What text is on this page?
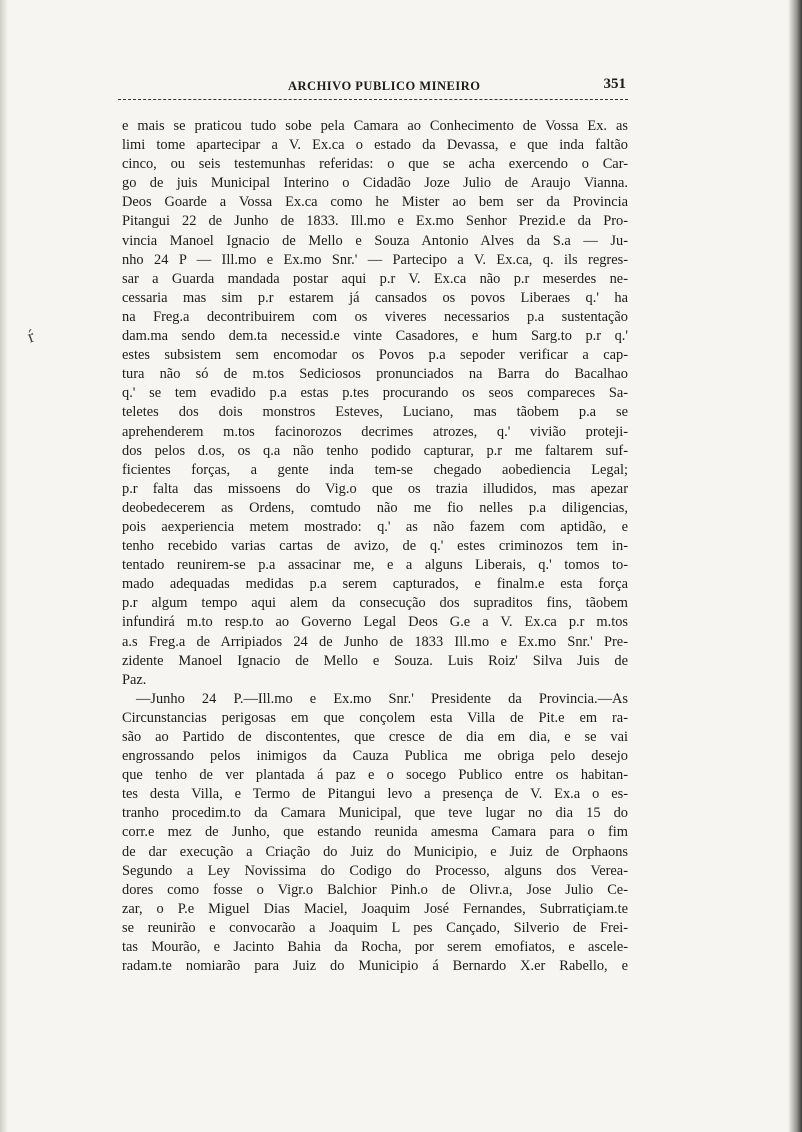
ARCHIVO PUBLICO MINEIRO	351
ŕ
e mais se praticou tudo sobe pela Camara ao Conhecimento de Vossa Ex. as
limi tome apartecipar a V. Ex.ca o estado da Devassa, e que inda faltão
cinco, ou seis testemunhas referidas: o que se acha exercendo o Car-
go de juis Municipal Interino o Cidadão Joze Julio de Araujo Vianna.
Deos Goarde a Vossa Ex.ca como he Mister ao bem ser da Provincia
Pitangui 22 de Junho de 1833. Ill.mo e Ex.mo Senhor Prezid.e da Pro-
vincia Manoel Ignacio de Mello e Souza Antonio Alves da S.a — Ju-
nho 24 P — Ill.mo e Ex.mo Snr.' — Partecipo a V. Ex.ca, q. ils regres-
sar a Guarda mandada postar aqui p.r V. Ex.ca não p.r meserdes ne-
cessaria mas sim p.r estarem já cansados os povos Liberaes q.' ha
na Freg.a decontribuirem com os viveres necessarios p.a sustentação
dam.ma sendo dem.ta necessid.e vinte Casadores, e hum Sarg.to p.r q.'
estes subsistem sem encomodar os Povos p.a sepoder verificar a cap-
tura não só de m.tos Sediciosos pronunciados na Barra do Bacalhao
q.' se tem evadido p.a estas p.tes procurando os seos compareces Sa-
teletes dos dois monstros Esteves, Luciano, mas tãobem p.a se
aprehenderem m.tos facinorozos decrimes atrozes, q.' vivião proteji-
dos pelos d.os, os q.a não tenho podido capturar, p.r me faltarem suf-
ficientes forças, a gente inda tem-se chegado aobediencia Legal;
p.r falta das missoens do Vig.o que os trazia illudidos, mas apezar
deobedecerem as Ordens, comtudo não me fio nelles p.a diligencias,
pois aexperiencia metem mostrado: q.' as não fazem com aptidão, e
tenho recebido varias cartas de avizo, de q.' estes criminozos tem in-
tentado reunirem-se p.a assacinar me, e a alguns Liberais, q.' tomos to-
mado adequadas medidas p.a serem capturados, e finalm.e esta força
p.r algum tempo aqui alem da consecução dos supraditos fins, tãobem
infundirá m.to resp.to ao Governo Legal Deos G.e a V. Ex.ca p.r m.tos
a.s Freg.a de Arripiados 24 de Junho de 1833 Ill.mo e Ex.mo Snr.' Pre-
zidente Manoel Ignacio de Mello e Souza. Luis Roiz' Silva Juis de
Paz.
—Junho 24 P.—Ill.mo e Ex.mo Snr.' Presidente da Provincia.—As
Circunstancias perigosas em que conçolem esta Villa de Pit.e em ra-
são ao Partido de discontentes, que cresce de dia em dia, e se vai
engrossando pelos inimigos da Cauza Publica me obriga pelo desejo
que tenho de ver plantada á paz e o socego Publico entre os habitan-
tes desta Villa, e Termo de Pitangui levo a presença de V. Ex.a o es-
tranho procedim.to da Camara Municipal, que teve lugar no dia 15 do
corr.e mez de Junho, que estando reunida amesma Camara para o fim
de dar execução a Criação do Juiz do Municipio, e Juiz de Orphaons
Segundo a Ley Novissima do Codigo do Processo, alguns dos Verea-
dores como fosse o Vigr.o Balchior Pinh.o de Olivr.a, Jose Julio Ce-
zar, o P.e Miguel Dias Maciel, Joaquim José Fernandes, Subrratiçiam.te
se reunirão e convocarão a Joaquim L pes Cançado, Silverio de Frei-
tas Mourão, e Jacinto Bahia da Rocha, por serem emofiatos, e ascele-
radam.te nomiarão para Juiz do Municipio á Bernardo X.er Rabello, e
